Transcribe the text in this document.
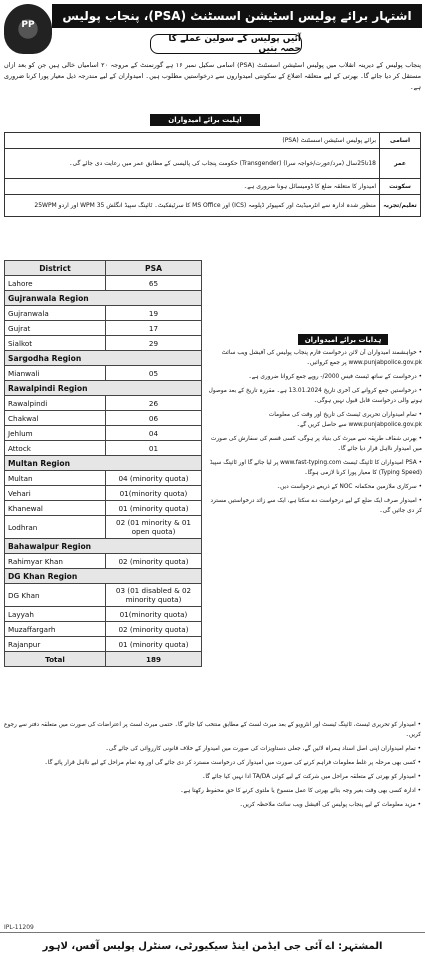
PP
اشتہار برائے پولیس اسٹیشن اسسٹنٹ (PSA)، پنجاب پولیس
آئیں پولیس کے سولین عملے کا حصہ بنیں
پنجاب پولیس کے دیرینہ انقلاب میں پولیس اسٹیشن اسسٹنٹ (PSA) اسامی سکیل نمبر ۱۶ ہے گورنمنٹ کے مروجہ ۲۰ اسامیاں خالی ہیں جن کو بعد ازاں مستقل کر دیا جائے گا۔ بھرتی کے لیے متعلقہ اضلاع کے سکونتی امیدواروں سے درخواستیں مطلوب ہیں۔ امیدواران کے لیے مندرجہ ذیل معیار پورا کرنا ضروری ہے۔
اہلیت برائے امیدواران
اسامی	برائے پولیس اسٹیشن اسسٹنٹ (PSA)
عمر	18تا25سال (مرد/عورت/خواجہ سرا) (Transgender) حکومت پنجاب کی پالیسی کے مطابق عمر میں رعایت دی جائے گی۔
سکونت	امیدوار کا متعلقہ ضلع کا ڈومیسائل ہونا ضروری ہے۔
تعلیم/تجربہ	منظور شدہ ادارہ سے انٹرمیڈیٹ اور کمپیوٹر ڈپلومہ (ICS) اور MS Office کا سرٹیفکیٹ۔ ٹائپنگ سپیڈ انگلش 35 WPM اور اردو 25WPM
District	PSA
Lahore	65
Gujranwala Region	
Gujranwala	19
Gujrat	17
Sialkot	29
Sargodha Region	
Mianwali	05
Rawalpindi Region	
Rawalpindi	26
Chakwal	06
Jehlum	04
Attock	01
Multan Region	
Multan	04 (minority quota)
Vehari	01(minority quota)
Khanewal	01 (minority quota)
Lodhran	02 (01 minority & 01 open quota)
Bahawalpur Region	
Rahimyar Khan	02 (minority quota)
DG Khan Region	
DG Khan	03 (01 disabled & 02 minority quota)
Layyah	01(minority quota)
Muzaffargarh	02 (minority quota)
Rajanpur	01 (minority quota)
Total	189
ہدایات برائے امیدواران

• خواہشمند امیدواران آن لائن درخواست فارم پنجاب پولیس کی آفیشل ویب سائٹ www.punjabpolice.gov.pk پر جمع کروائیں۔

• درخواست کے ساتھ ٹیسٹ فیس 2000/- روپے جمع کروانا ضروری ہے۔

• درخواستیں جمع کروانے کی آخری تاریخ 13.01.2024 ہے۔ مقررہ تاریخ کے بعد موصول ہونے والی درخواست قابل قبول نہیں ہوگی۔

• تمام امیدواران تحریری ٹیسٹ کی تاریخ اور وقت کی معلومات www.punjabpolice.gov.pk سے حاصل کریں گے۔

• بھرتی شفاف طریقہ سے میرٹ کی بنیاد پر ہوگی، کسی قسم کی سفارش کی صورت میں امیدوار نااہل قرار دیا جائے گا۔

• PSA امیدواران کا ٹائپنگ ٹیسٹ www.fast-typing.com پر لیا جائے گا اور ٹائپنگ سپیڈ (Typing Speed) کا معیار پورا کرنا لازمی ہوگا۔

• سرکاری ملازمین محکمانہ NOC کے ذریعے درخواست دیں۔

• امیدوار صرف ایک ضلع کے لیے درخواست دے سکتا ہے، ایک سے زائد درخواستیں مسترد کر دی جائیں گی۔

• امیدوار کو تحریری ٹیسٹ، ٹائپنگ ٹیسٹ اور انٹرویو کے بعد میرٹ لسٹ کے مطابق منتخب کیا جائے گا۔ حتمی میرٹ لسٹ پر اعتراضات کی صورت میں متعلقہ دفتر سے رجوع کریں۔

• تمام امیدواران اپنی اصل اسناد ہمراہ لائیں گے، جعلی دستاویزات کی صورت میں امیدوار کے خلاف قانونی کارروائی کی جائے گی۔

• کسی بھی مرحلہ پر غلط معلومات فراہم کرنے کی صورت میں امیدوار کی درخواست مسترد کر دی جائے گی اور وہ تمام مراحل کے لیے نااہل قرار پائے گا۔

• امیدوار کو بھرتی کے متعلقہ مراحل میں شرکت کے لیے کوئی TA/DA ادا نہیں کیا جائے گا۔

• ادارہ کسی بھی وقت بغیر وجہ بتائے بھرتی کا عمل منسوخ یا ملتوی کرنے کا حق محفوظ رکھتا ہے۔

• مزید معلومات کے لیے پنجاب پولیس کی آفیشل ویب سائٹ ملاحظہ کریں۔

IPL-11209
المشتہر: اے آئی جی ایڈمن اینڈ سیکیورٹی، سنٹرل پولیس آفس، لاہور
